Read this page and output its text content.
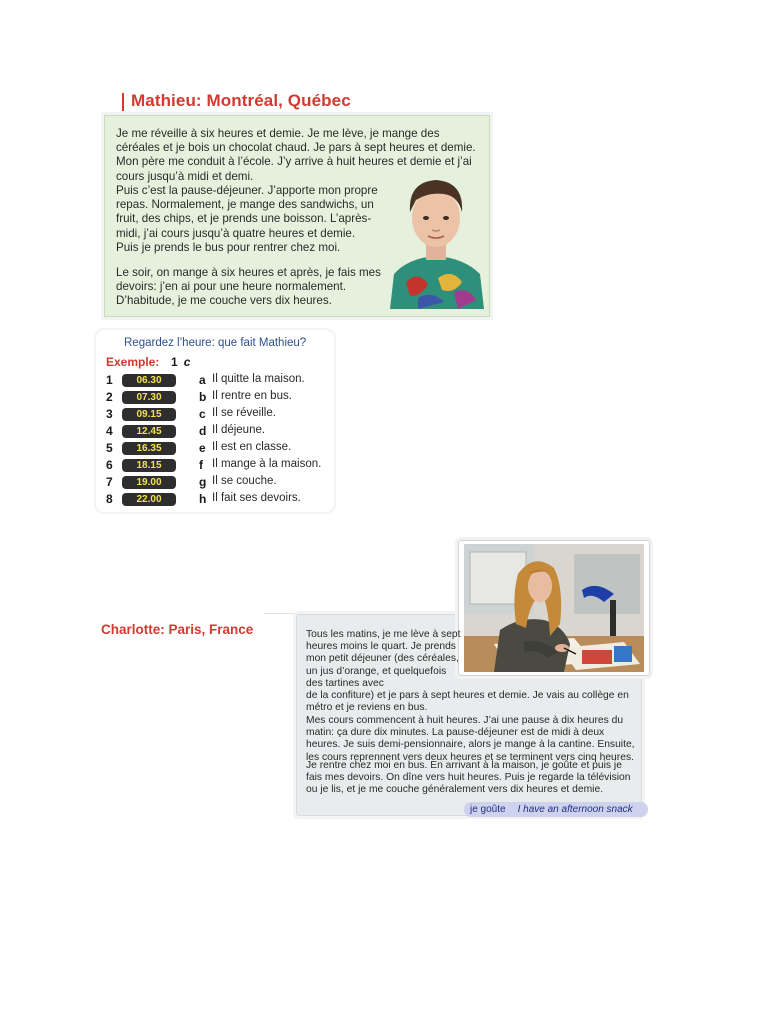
Mathieu: Montréal, Québec

Je me réveille à six heures et demie. Je me lève, je mange des céréales et je bois un chocolat chaud. Je pars à sept heures et demie. Mon père me conduit à l’école. J’y arrive à huit heures et demie et j’ai cours jusqu’à midi et demi.

Puis c’est la pause-déjeuner. J’apporte mon propre repas. Normalement, je mange des sandwichs, un fruit, des chips, et je prends une boisson. L’après-midi, j’ai cours jusqu’à quatre heures et demie. Puis je prends le bus pour rentrer chez moi.

Le soir, on mange à six heures et après, je fais mes devoirs: j’en ai pour une heure normalement. D’habitude, je me couche vers dix heures.

Regardez l’heure: que fait Mathieu?
Exemple: 1 c
1	06.30	a Il quitte la maison.
2	07.30	b Il rentre en bus.
3	09.15	c Il se réveille.
4	12.45	d Il déjeune.
5	16.35	e Il est en classe.
6	18.15	f Il mange à la maison.
7	19.00	g Il se couche.
8	22.00	h Il fait ses devoirs.
Charlotte: Paris, France	Tous les matins, je me lève à sept heures moins le quart. Je prends mon petit déjeuner (des céréales, un jus d’orange, et quelquefois des tartines avec

de la confiture) et je pars à sept heures et demie. Je vais au collège en métro et je reviens en bus.

Mes cours commencent à huit heures. J’ai une pause à dix heures du matin: ça dure dix minutes. La pause-déjeuner est de midi à deux heures. Je suis demi-pensionnaire, alors je mange à la cantine. Ensuite, les cours reprennent vers deux heures et se terminent vers cinq heures.

Je rentre chez moi en bus. En arrivant à la maison, je goûte et puis je fais mes devoirs. On dîne vers huit heures. Puis je regarde la télévision ou je lis, et je me couche généralement vers dix heures et demie.

je goûte I have an afternoon snack
